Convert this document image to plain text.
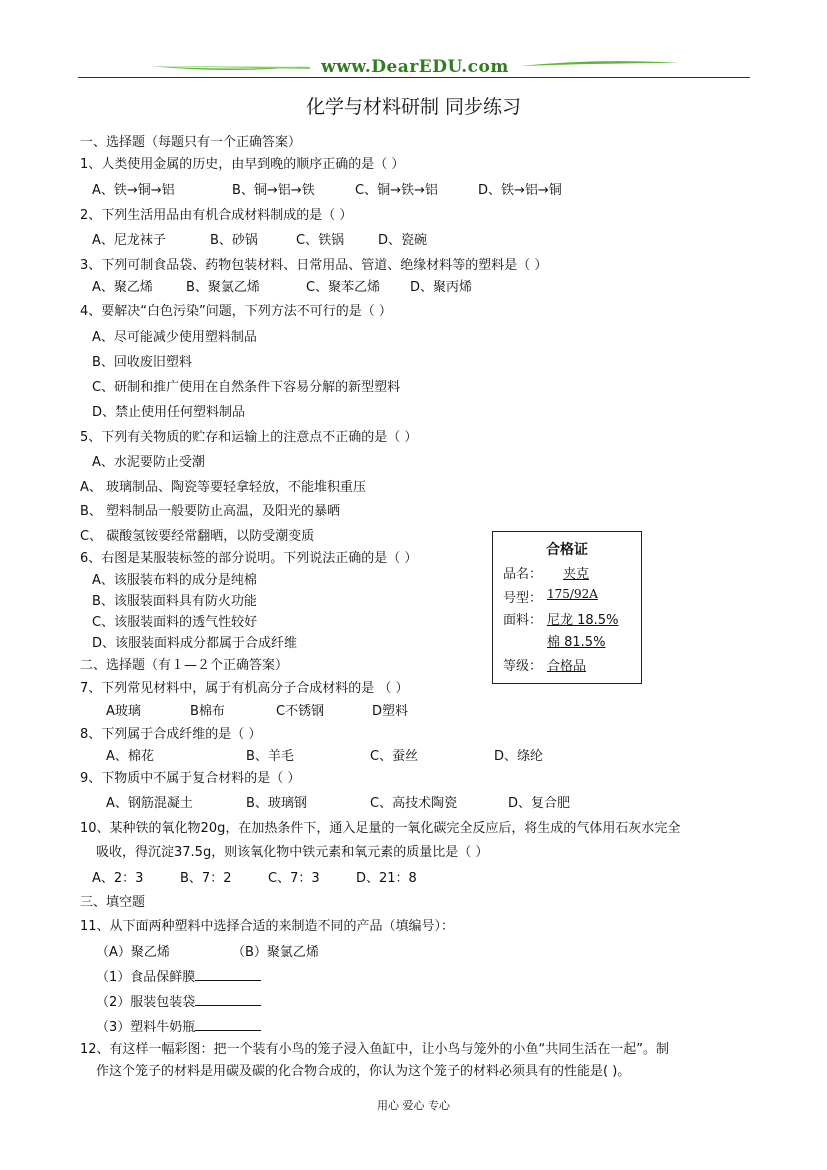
www.DearEDU.com
化学与材料研制 同步练习
一、选择题（每题只有一个正确答案）
1、人类使用金属的历史，由早到晚的顺序正确的是（ ）
A、铁→铜→铝	B、铜→铝→铁	C、铜→铁→铝	D、铁→铝→铜
2、下列生活用品由有机合成材料制成的是（ ）
A、尼龙袜子	B、砂锅	C、铁锅	D、瓷碗
3、下列可制食品袋、药物包装材料、日常用品、管道、绝缘材料等的塑料是（ ）
A、聚乙烯	B、聚氯乙烯	C、聚苯乙烯 D、聚丙烯
4、要解决“白色污染”问题，下列方法不可行的是（ ）
A、尽可能减少使用塑料制品
B、回收废旧塑料
C、研制和推广使用在自然条件下容易分解的新型塑料
D、禁止使用任何塑料制品
5、下列有关物质的贮存和运输上的注意点不正确的是（ ）
A、水泥要防止受潮
A、 玻璃制品、陶瓷等要轻拿轻放，不能堆积重压
B、 塑料制品一般要防止高温，及阳光的暴晒
C、 碳酸氢铵要经常翻晒，以防受潮变质
6、右图是某服装标签的部分说明。下列说法正确的是（ ）
A、该服装布料的成分是纯棉
B、该服装面料具有防火功能
C、该服装面料的透气性较好
D、该服装面料成分都属于合成纤维
合格证
品名：	夹克
号型： 175/92A
面料： 尼龙 18.5%
棉 81.5%
等级： 合格品
二、选择题（有１—２个正确答案）
7、下列常见材料中，属于有机高分子合成材料的是 （ ）
A玻璃	B棉布	C不锈钢	D塑料
8、下列属于合成纤维的是（ ）
A、棉花	B、羊毛	C、蚕丝	D、绦纶
9、下物质中不属于复合材料的是（ ）
A、钢筋混凝土	B、玻璃钢	C、高技术陶瓷	D、复合肥
10、某种铁的氧化物20g，在加热条件下，通入足量的一氧化碳完全反应后，将生成的气体用石灰水完全
吸收，得沉淀37.5g，则该氧化物中铁元素和氧元素的质量比是（ ）
A、2：3	B、7：2	C、7：3	D、21：8
三、填空题
11、从下面两种塑料中选择合适的来制造不同的产品（填编号）：
（A）聚乙烯	（B）聚氯乙烯
（1）食品保鲜膜
（2）服装包装袋
（3）塑料牛奶瓶
12、有这样一幅彩图：把一个装有小鸟的笼子浸入鱼缸中，让小鸟与笼外的小鱼“共同生活在一起”。制
作这个笼子的材料是用碳及碳的化合物合成的，你认为这个笼子的材料必须具有的性能是( )。
用心 爱心 专心
